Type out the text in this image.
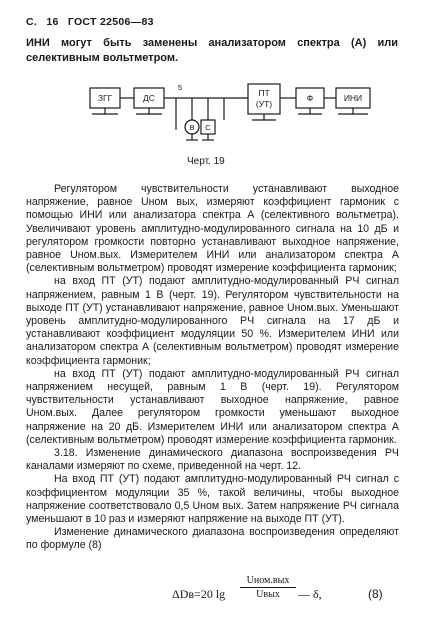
С. 16 ГОСТ 22506—83
ИНИ могут быть заменены анализатором спектра (А) или селективным вольтметром.
ЗГГ	ДС	ПТ
(УТ)
Ф	ИНИ
В С
5
Черт. 19

Регулятором чувствительности устанавливают выходное напряжение, равное Uном вых, измеряют коэффициент гармоник с помощью ИНИ или анализатора спектра А (селективного вольтметра). Увеличивают уровень амплитудно-модулированного сигнала на 10 дБ и регулятором громкости повторно устанавливают выходное напряжение, равное Uном.вых. Измерителем ИНИ или анализатором спектра А (селективным вольтметром) проводят измерение коэффициента гармоник;

на вход ПТ (УТ) подают амплитудно-модулированный РЧ сигнал напряжением, равным 1 В (черт. 19). Регулятором чувствительности на выходе ПТ (УТ) устанавливают напряжение, равное Uном.вых. Уменьшают уровень амплитудно-модулированного РЧ сигнала на 17 дБ и устанавливают коэффициент модуляции 50 %. Измерителем ИНИ или анализатором спектра А (селективным вольтметром) проводят измерение коэффициента гармоник;

на вход ПТ (УТ) подают амплитудно-модулированный РЧ сигнал напряжением несущей, равным 1 В (черт. 19). Регулятором чувствительности устанавливают выходное напряжение, равное Uном.вых. Далее регулятором громкости уменьшают выходное напряжение на 20 дБ. Измерителем ИНИ или анализатором спектра А (селективным вольтметром) проводят измерение коэффициента гармоник.

3.18. Изменение динамического диапазона воспроизведения РЧ каналами измеряют по схеме, приведенной на черт. 12.

На вход ПТ (УТ) подают амплитудно-модулированный РЧ сигнал с коэффициентом модуляции 35 %, такой величины, чтобы выходное напряжение соответствовало 0,5 Uном вых. Затем напряжение РЧ сигнала уменьшают в 10 раз и измеряют напряжение на выходе ПТ (УТ).

Изменение динамического диапазона воспроизведения определяют по формуле (8)

ΔDв=20 lg
Uном.вых
Uвых	— δ,	(8)
